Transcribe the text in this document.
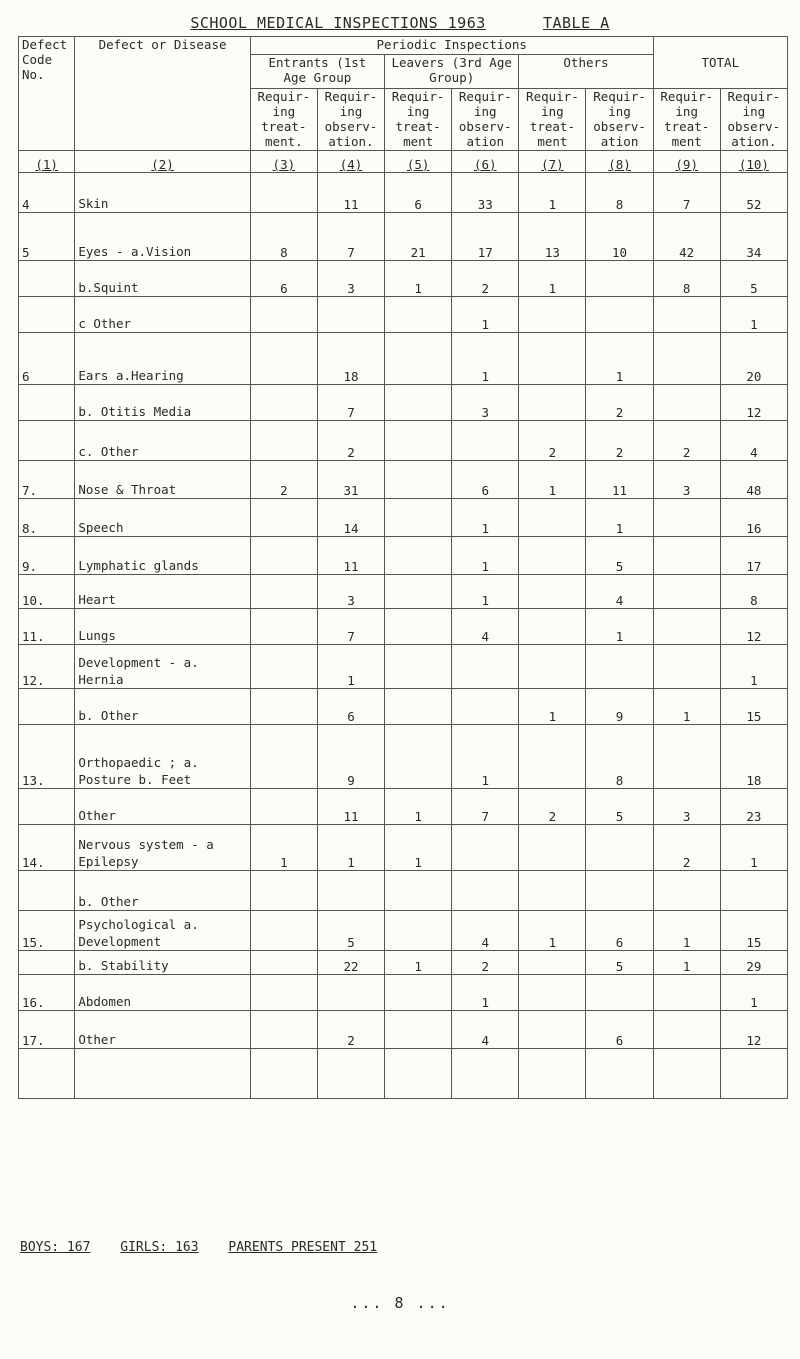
SCHOOL MEDICAL INSPECTIONS 1963	TABLE A
Defect Code No.	Defect or Disease	Periodic Inspections						TOTAL	
		Entrants (1st Age Group		Leavers (3rd Age Group)		Others			
		Requir- ing treat- ment.	Requir- ing observ- ation.	Requir- ing treat- ment	Requir- ing observ- ation	Requir- ing treat- ment	Requir- ing observ- ation	Requir- ing treat- ment	Requir- ing observ- ation.
(1)	(2)	(3)	(4)	(5)	(6)	(7)	(8)	(9)	(10)
4	Skin		11	6	33	1	8	7	52
5	Eyes - a.Vision	8	7	21	17	13	10	42	34
	b.Squint	6	3	1	2	1		8	5
	c Other				1				1
6	Ears a.Hearing		18		1		1		20
	b. Otitis Media		7		3		2		12
	c. Other		2			2	2	2	4
7.	Nose & Throat	2	31		6	1	11	3	48
8.	Speech		14		1		1		16
9.	Lymphatic glands		11		1		5		17
10.	Heart		3		1		4		8
11.	Lungs		7		4		1		12
12.	Development - a. Hernia		1						1
	b. Other		6			1	9	1	15
13.	Orthopaedic ; a. Posture b. Feet		9		1		8		18
	Other		11	1	7	2	5	3	23
14.	Nervous system - a Epilepsy	1	1	1				2	1
	b. Other								
15.	Psychological a. Development		5		4	1	6	1	15
	b. Stability		22	1	2		5	1	29
16.	Abdomen				1				1
17.	Other		2		4		6		12

BOYS: 167 GIRLS: 163 PARENTS PRESENT 251
... 8 ...
